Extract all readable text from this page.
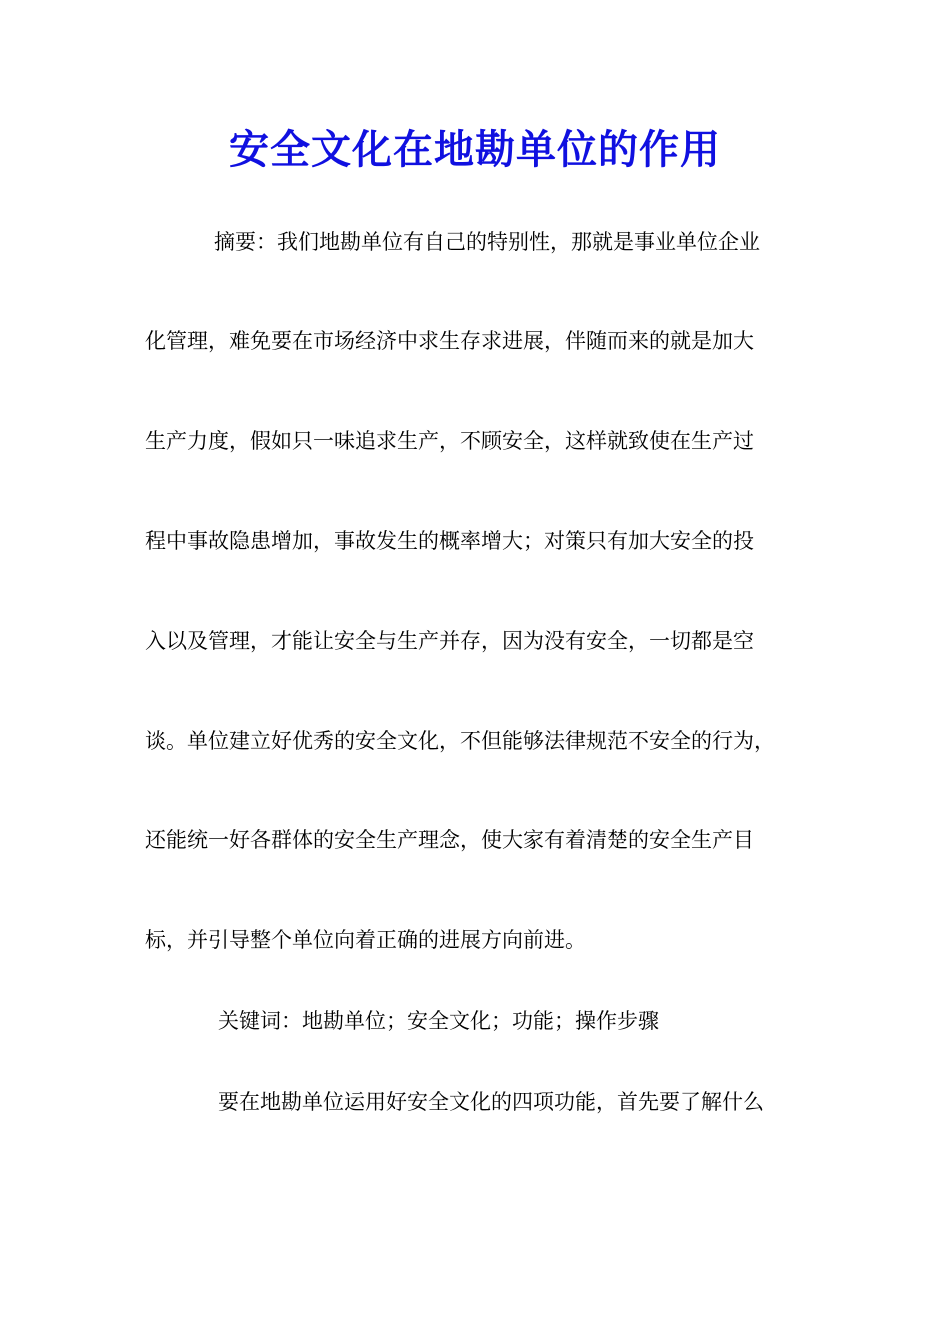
安全文化在地勘单位的作用

摘要：我们地勘单位有自己的特别性，那就是事业单位企业

化管理，难免要在市场经济中求生存求进展，伴随而来的就是加大

生产力度，假如只一味追求生产，不顾安全，这样就致使在生产过

程中事故隐患增加，事故发生的概率增大；对策只有加大安全的投

入以及管理，才能让安全与生产并存，因为没有安全，一切都是空

谈。单位建立好优秀的安全文化，不但能够法律规范不安全的行为，

还能统一好各群体的安全生产理念，使大家有着清楚的安全生产目

标，并引导整个单位向着正确的进展方向前进。

关键词：地勘单位；安全文化；功能；操作步骤

要在地勘单位运用好安全文化的四项功能，首先要了解什么
